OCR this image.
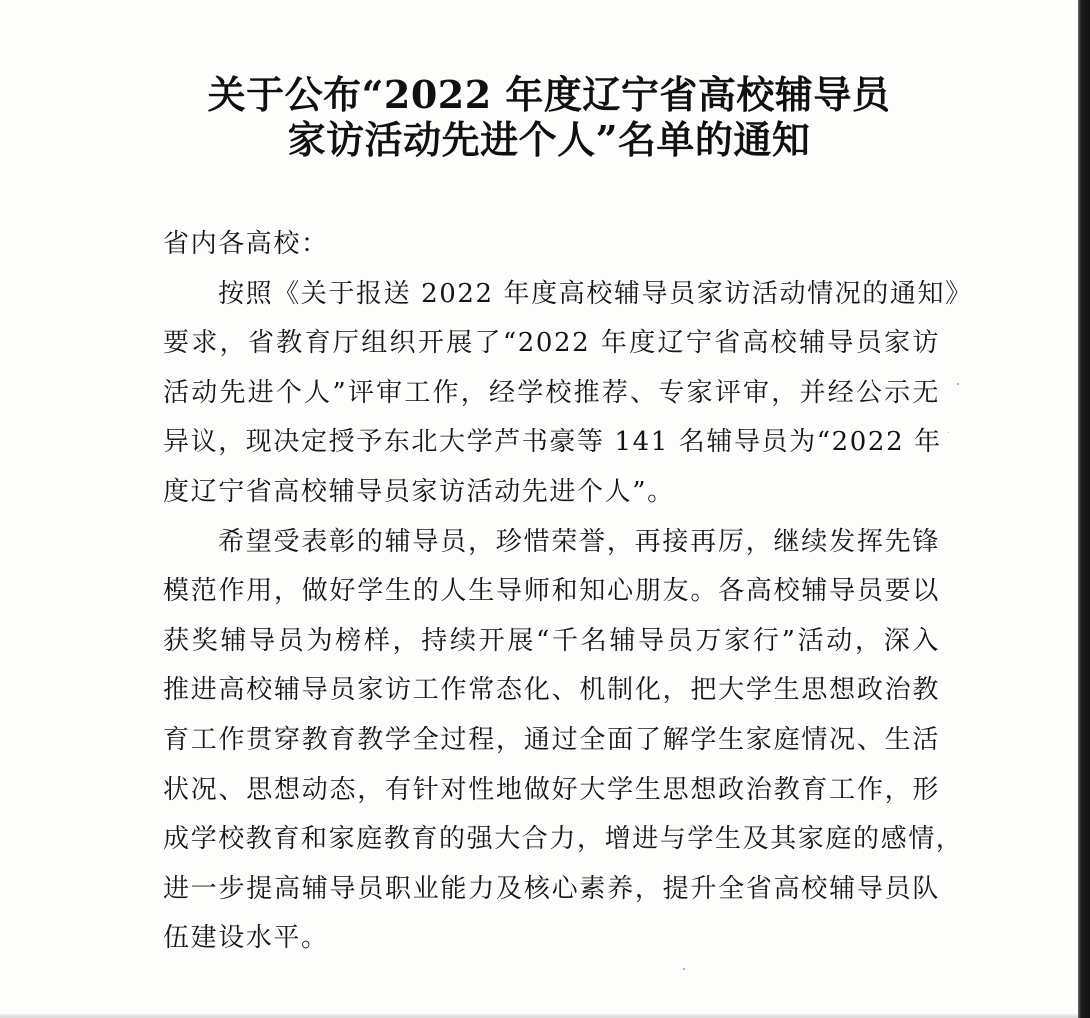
关于公布“2022 年度辽宁省高校辅导员
家访活动先进个人”名单的通知
省内各高校：
按照《关于报送 2022 年度高校辅导员家访活动情况的通知》
要求，省教育厅组织开展了“2022 年度辽宁省高校辅导员家访
活动先进个人”评审工作，经学校推荐、专家评审，并经公示无
异议，现决定授予东北大学芦书豪等 141 名辅导员为“2022 年
度辽宁省高校辅导员家访活动先进个人”。
希望受表彰的辅导员，珍惜荣誉，再接再厉，继续发挥先锋
模范作用，做好学生的人生导师和知心朋友。各高校辅导员要以
获奖辅导员为榜样，持续开展“千名辅导员万家行”活动，深入
推进高校辅导员家访工作常态化、机制化，把大学生思想政治教
育工作贯穿教育教学全过程，通过全面了解学生家庭情况、生活
状况、思想动态，有针对性地做好大学生思想政治教育工作，形
成学校教育和家庭教育的强大合力，增进与学生及其家庭的感情，
进一步提高辅导员职业能力及核心素养，提升全省高校辅导员队
伍建设水平。
